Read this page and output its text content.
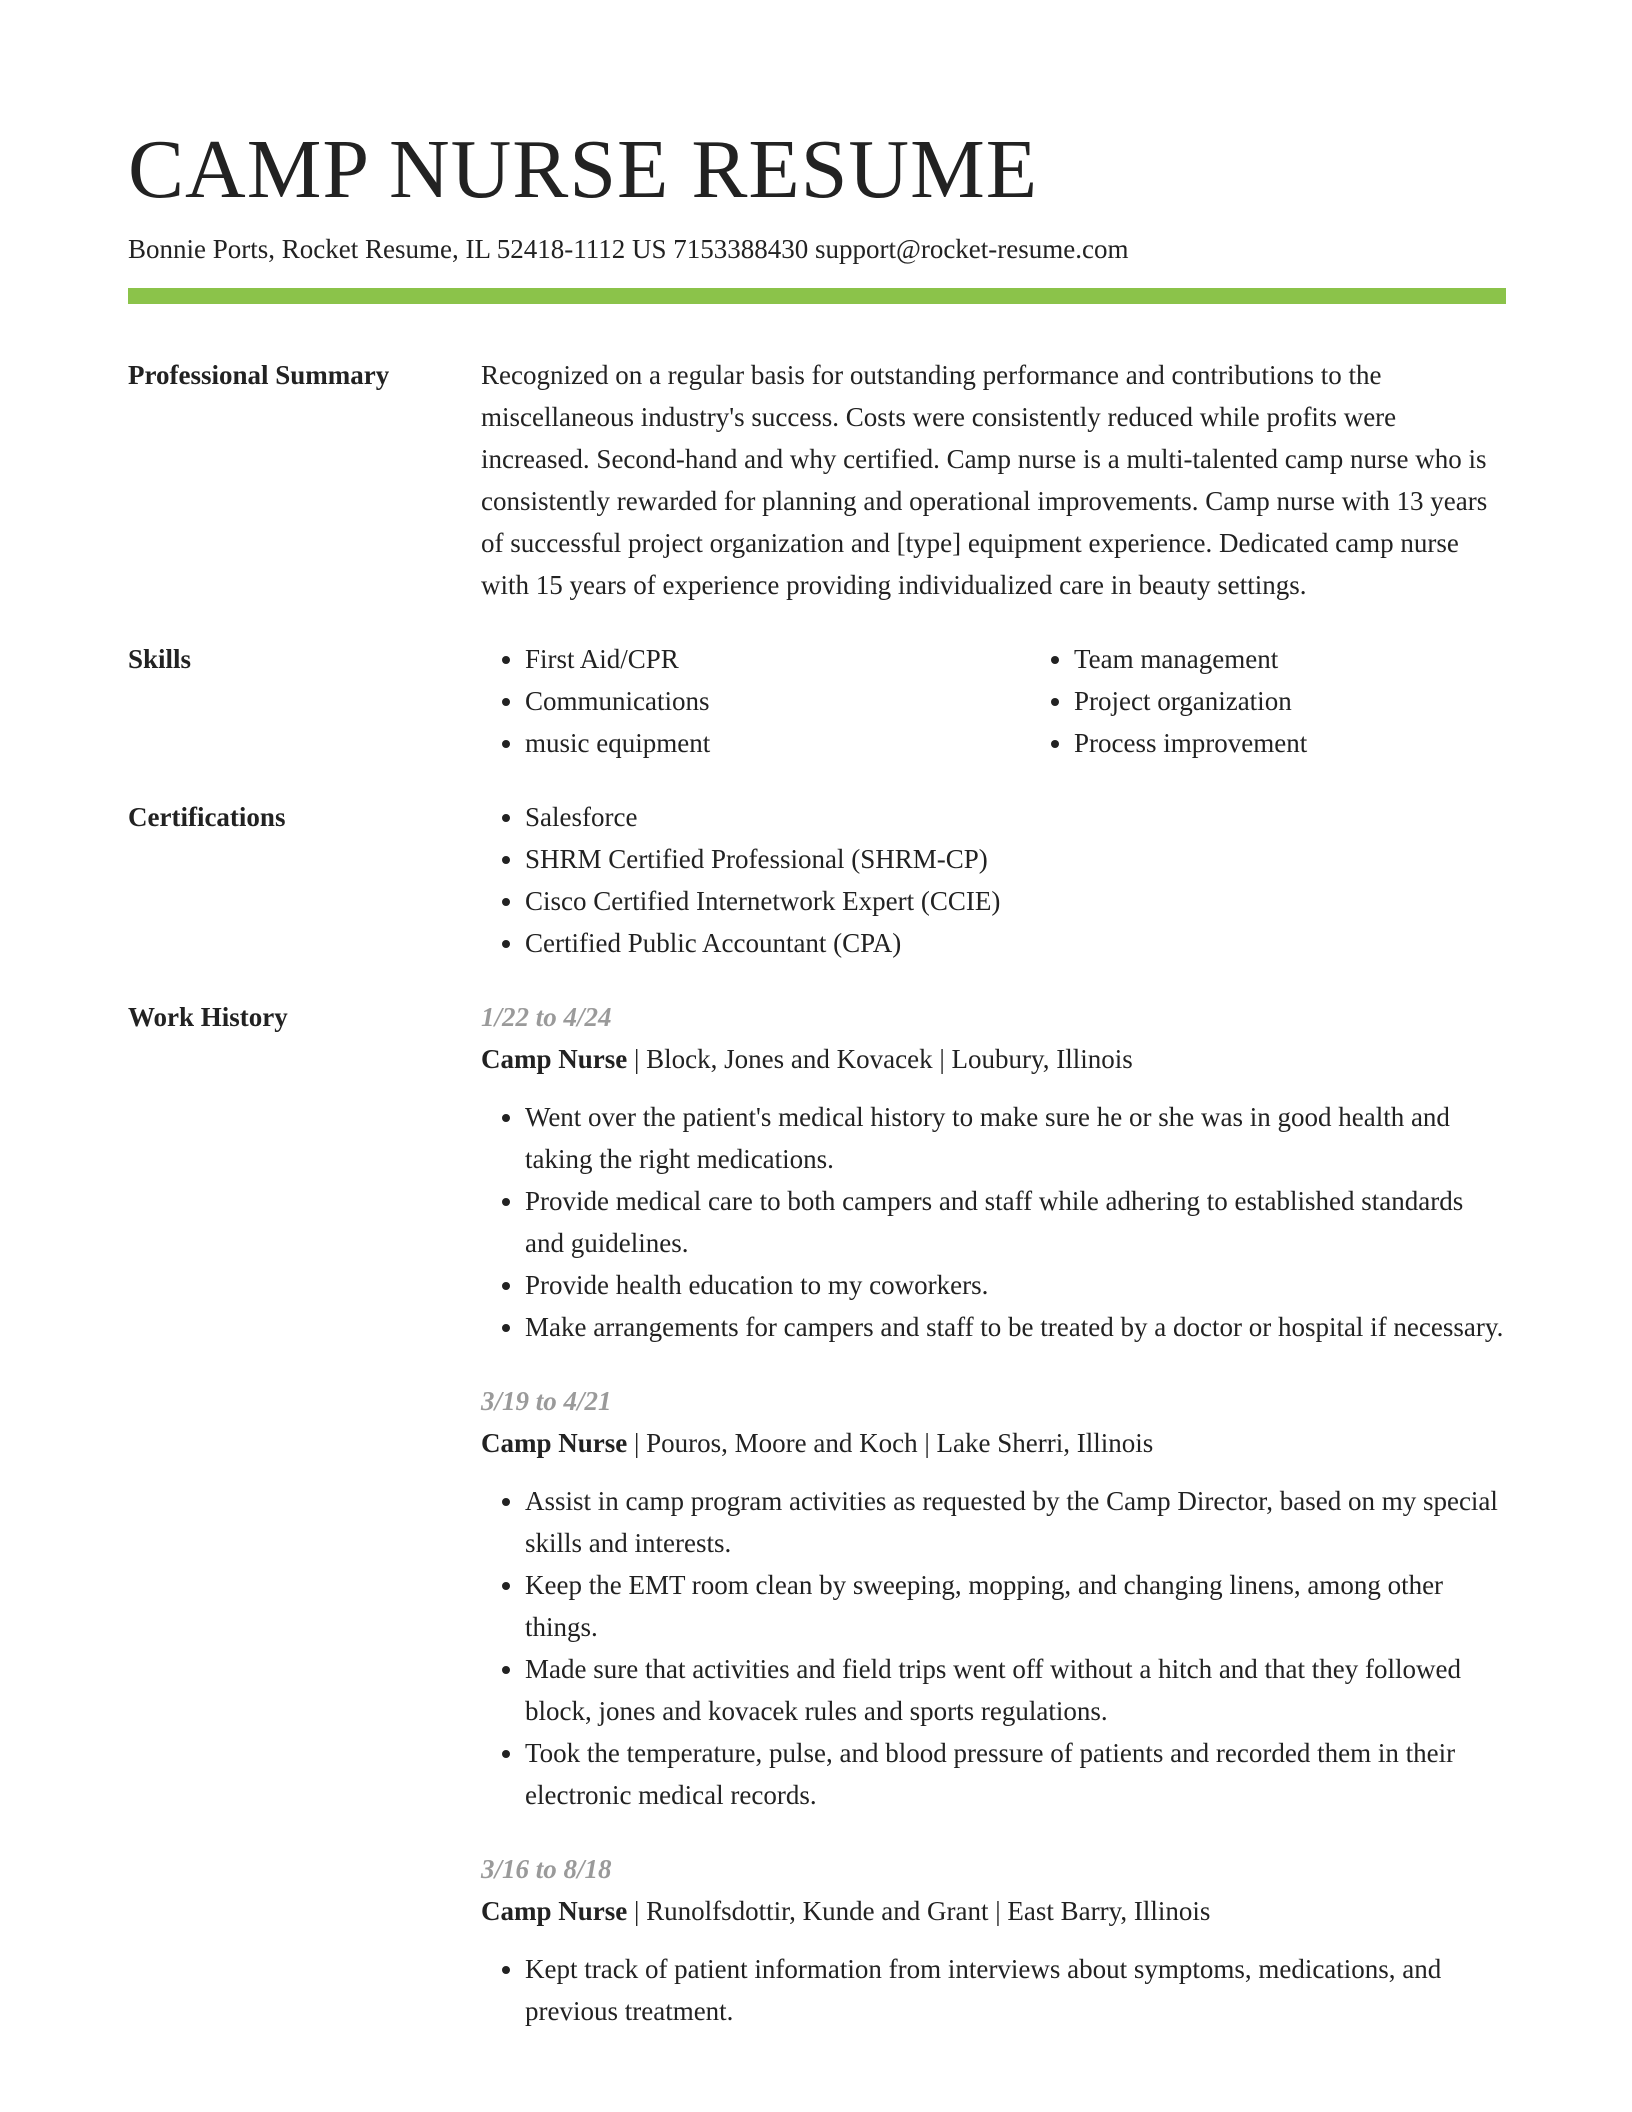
CAMP NURSE RESUME
Bonnie Ports, Rocket Resume, IL 52418-1112 US 7153388430 support@rocket-resume.com
Professional Summary	Recognized on a regular basis for outstanding performance and contributions to the miscellaneous industry's success. Costs were consistently reduced while profits were increased. Second-hand and why certified. Camp nurse is a multi-talented camp nurse who is consistently rewarded for planning and operational improvements. Camp nurse with 13 years of successful project organization and [type] equipment experience. Dedicated camp nurse with 15 years of experience providing individualized care in beauty settings.
Skills	• First Aid/CPR
• Communications
• music equipment
• Team management
• Project organization
• Process improvement
Certifications	• Salesforce
• SHRM Certified Professional (SHRM-CP)
• Cisco Certified Internetwork Expert (CCIE)
• Certified Public Accountant (CPA)
Work History	1/22 to 4/24
Camp Nurse | Block, Jones and Kovacek | Loubury, Illinois
• Went over the patient's medical history to make sure he or she was in good health and taking the right medications.
• Provide medical care to both campers and staff while adhering to established standards and guidelines.
• Provide health education to my coworkers.
• Make arrangements for campers and staff to be treated by a doctor or hospital if necessary.
3/19 to 4/21
Camp Nurse | Pouros, Moore and Koch | Lake Sherri, Illinois
• Assist in camp program activities as requested by the Camp Director, based on my special skills and interests.
• Keep the EMT room clean by sweeping, mopping, and changing linens, among other things.
• Made sure that activities and field trips went off without a hitch and that they followed block, jones and kovacek rules and sports regulations.
• Took the temperature, pulse, and blood pressure of patients and recorded them in their electronic medical records.
3/16 to 8/18
Camp Nurse | Runolfsdottir, Kunde and Grant | East Barry, Illinois
• Kept track of patient information from interviews about symptoms, medications, and previous treatment.
